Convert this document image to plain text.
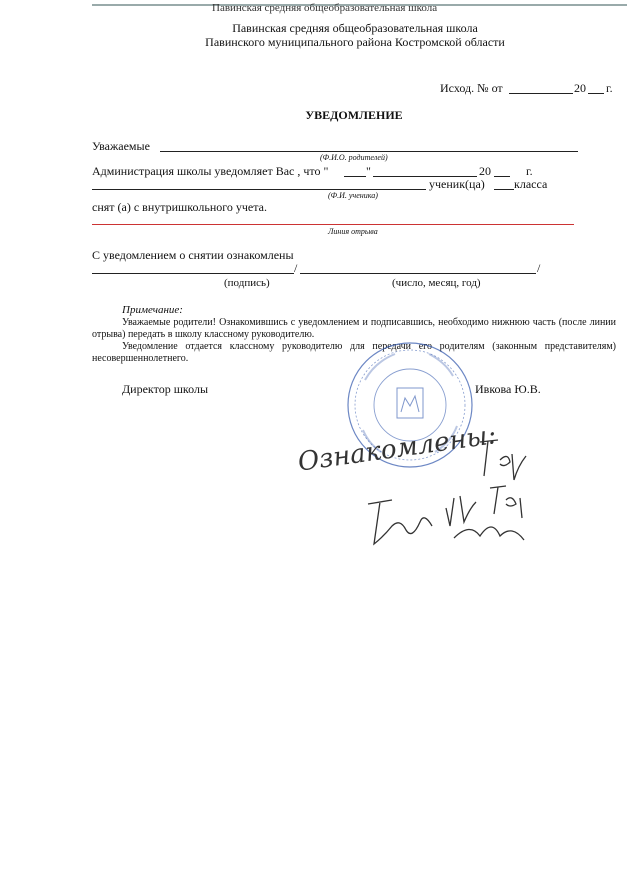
Павинская средняя общеобразовательная школа
Павинская средняя общеобразовательная школа
Павинского муниципального района Костромской области
Исход. № от	20 г.
УВЕДОМЛЕНИЕ
Уважаемые
(Ф.И.О. родителей)
Администрация школы уведомляет Вас , что "	"	20	г.
ученик(ца) класса
(Ф.И. ученика)
снят (а) с внутришкольного учета.
Линия отрыва
С уведомлением о снятии ознакомлены
/	/
(подпись)	(число, месяц, год)
Примечание:
Уважаемые родители! Ознакомившись с уведомлением и подписавшись, необходимо нижнюю часть (после линии отрыва) передать в школу классному руководителю.
Уведомление отдается классному руководителю для передачи его родителям (законным представителям) несовершеннолетнего.
Директор школы	Ивкова Ю.В.
Ознакомлены:
